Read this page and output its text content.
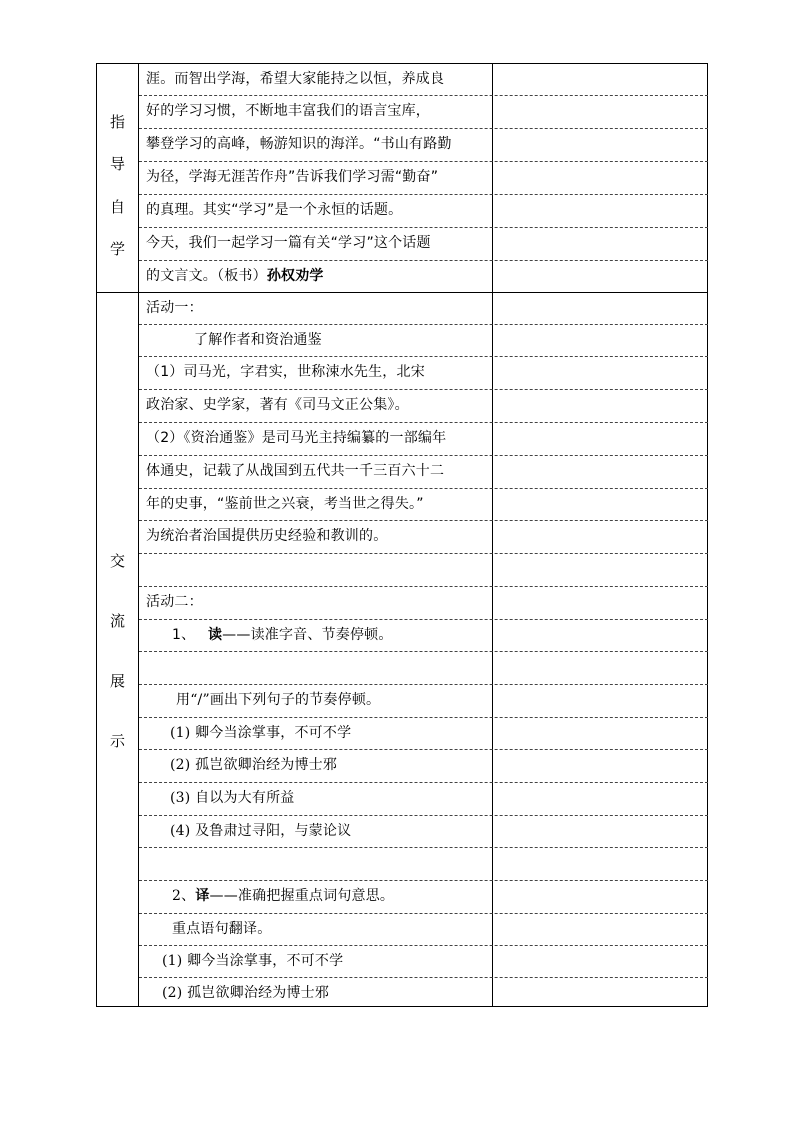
指
导
自
学
交
流
展
示
涯。而智出学海，希望大家能持之以恒，养成良
好的学习习惯，不断地丰富我们的语言宝库，
攀登学习的高峰，畅游知识的海洋。“书山有路勤
为径，学海无涯苦作舟”告诉我们学习需“勤奋”
的真理。其实“学习”是一个永恒的话题。
今天，我们一起学习一篇有关“学习”这个话题
的文言文。（板书）孙权劝学
活动一：
了解作者和资治通鉴
（1）司马光，字君实，世称涑水先生，北宋
政治家、史学家，著有《司马文正公集》。
（2）《资治通鉴》是司马光主持编纂的一部编年
体通史，记载了从战国到五代共一千三百六十二
年的史事，“鉴前世之兴衰，考当世之得失。”
为统治者治国提供历史经验和教训的。
活动二：
1、 读——读准字音、节奏停顿。
用“/”画出下列句子的节奏停顿。
(1) 卿今当涂掌事，不可不学
(2) 孤岂欲卿治经为博士邪
(3) 自以为大有所益
(4) 及鲁肃过寻阳，与蒙论议
2、译——准确把握重点词句意思。
重点语句翻译。
(1) 卿今当涂掌事，不可不学
(2) 孤岂欲卿治经为博士邪
